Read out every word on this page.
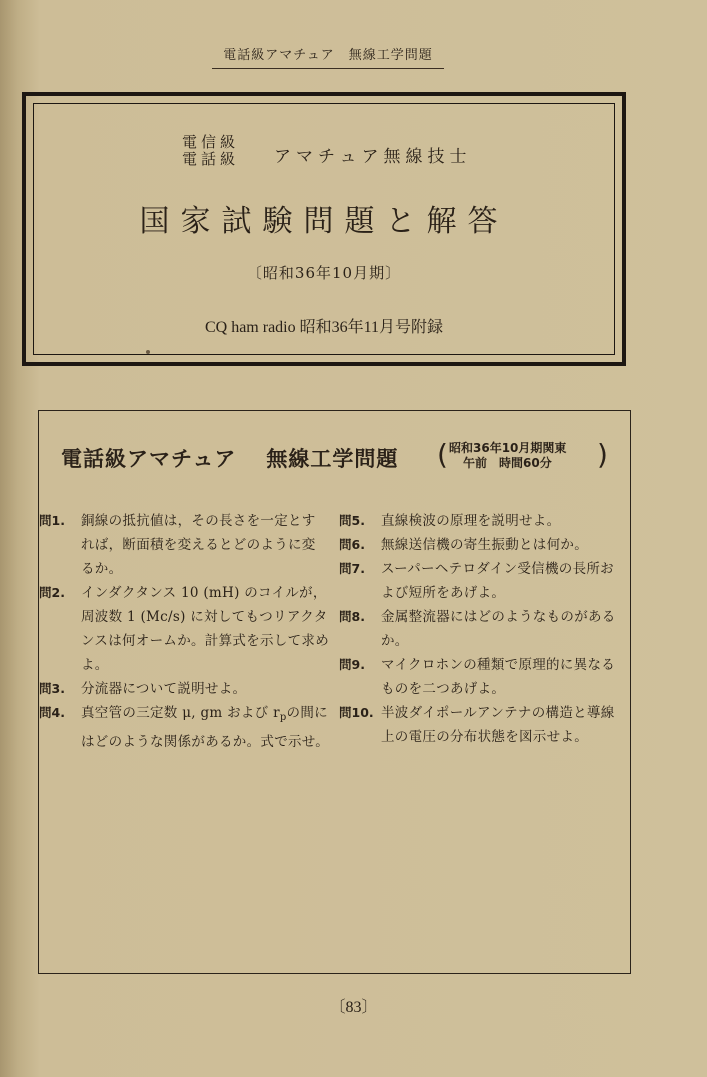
電話級アマチュア　無線工学問題
電信級
電話級 アマチュア無線技士
国家試験問題と解答
〔昭和36年10月期〕
CQ ham radio 昭和36年11月号附録
電話級アマチュア 無線工学問題 ( 昭和36年10月期関東
午前　時間60分	)
問1.	銅線の抵抗値は，その長さを一定とすれば，断面積を変えるとどのように変るか。
問2.	インダクタンス 10 (mH) のコイルが，周波数 1 (Mc/s) に対してもつリアクタンスは何オームか。計算式を示して求めよ。
問3.	分流器について説明せよ。
問4.	真空管の三定数 μ, gm および $r_p$の間にはどのような関係があるか。式で示せ。
問5.	直線検波の原理を説明せよ。
問6.	無線送信機の寄生振動とは何か。
問7.	スーパーヘテロダイン受信機の長所および短所をあげよ。
問8.	金属整流器にはどのようなものがあるか。
問9.	マイクロホンの種類で原理的に異なるものを二つあげよ。
問10. 半波ダイポールアンテナの構造と導線上の電圧の分布状態を図示せよ。
〔83〕
